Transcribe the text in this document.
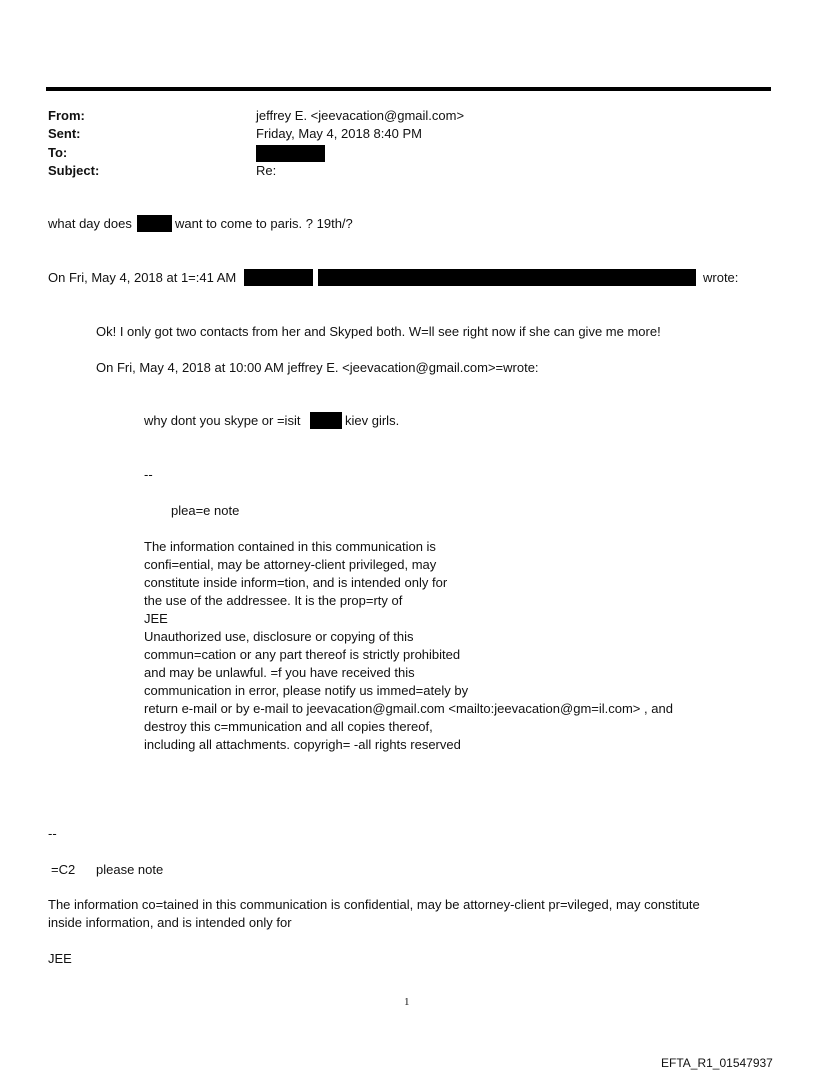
From:	jeffrey E. <jeevacation@gmail.com>
Sent:	Friday, May 4, 2018 8:40 PM
To:
Subject:	Re:
what day does	want to come to paris. ? 19th/?
On Fri, May 4, 2018 at 1=:41 AM	wrote:
Ok! I only got two contacts from her and Skyped both. W=ll see right now if she can give me more!
On Fri, May 4, 2018 at 10:00 AM jeffrey E. <jeevacation@gmail.com>=wrote:
why dont you skype or =isit	kiev girls.
--
plea=e note
The information contained in this communication is
confi=ential, may be attorney-client privileged, may
constitute inside inform=tion, and is intended only for
the use of the addressee. It is the prop=rty of
JEE
Unauthorized use, disclosure or copying of this
commun=cation or any part thereof is strictly prohibited
and may be unlawful. =f you have received this
communication in error, please notify us immed=ately by
return e-mail or by e-mail to jeevacation@gmail.com <mailto:jeevacation@gm=il.com> , and
destroy this c=mmunication and all copies thereof,
including all attachments. copyrigh= -all rights reserved
--
=C2 please note
The information co=tained in this communication is confidential, may be attorney-client pr=vileged, may constitute
inside information, and is intended only for
JEE
1
EFTA_R1_01547937
